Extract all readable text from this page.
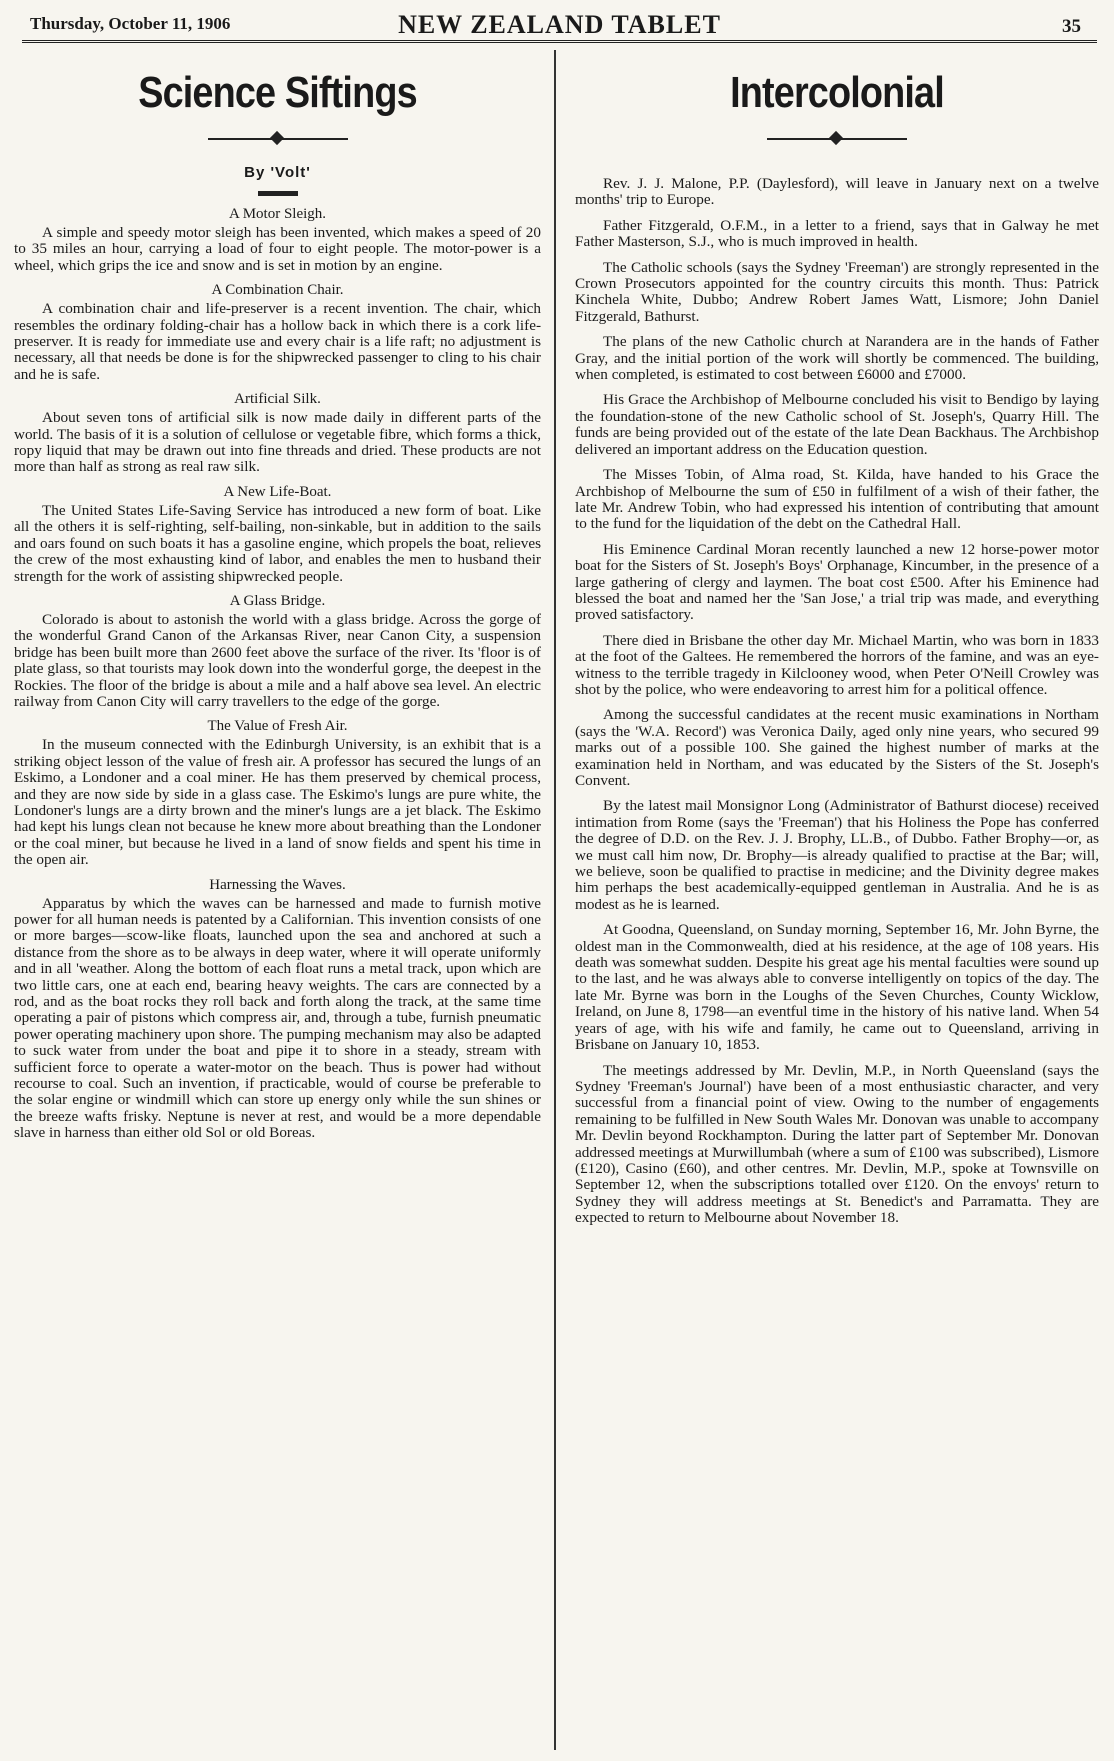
Thursday, October 11, 1906	NEW ZEALAND TABLET	35
Science Siftings
By 'Volt'
A Motor Sleigh.

A simple and speedy motor sleigh has been invented, which makes a speed of 20 to 35 miles an hour, carrying a load of four to eight people. The motor-power is a wheel, which grips the ice and snow and is set in motion by an engine.

A Combination Chair.

A combination chair and life-preserver is a recent invention. The chair, which resembles the ordinary folding-chair has a hollow back in which there is a cork life-preserver. It is ready for immediate use and every chair is a life raft; no adjustment is necessary, all that needs be done is for the shipwrecked passenger to cling to his chair and he is safe.

Artificial Silk.

About seven tons of artificial silk is now made daily in different parts of the world. The basis of it is a solution of cellulose or vegetable fibre, which forms a thick, ropy liquid that may be drawn out into fine threads and dried. These products are not more than half as strong as real raw silk.

A New Life-Boat.

The United States Life-Saving Service has introduced a new form of boat. Like all the others it is self-righting, self-bailing, non-sinkable, but in addition to the sails and oars found on such boats it has a gasoline engine, which propels the boat, relieves the crew of the most exhausting kind of labor, and enables the men to husband their strength for the work of assisting shipwrecked people.

A Glass Bridge.

Colorado is about to astonish the world with a glass bridge. Across the gorge of the wonderful Grand Canon of the Arkansas River, near Canon City, a suspension bridge has been built more than 2600 feet above the surface of the river. Its 'floor is of plate glass, so that tourists may look down into the wonderful gorge, the deepest in the Rockies. The floor of the bridge is about a mile and a half above sea level. An electric railway from Canon City will carry travellers to the edge of the gorge.

The Value of Fresh Air.

In the museum connected with the Edinburgh University, is an exhibit that is a striking object lesson of the value of fresh air. A professor has secured the lungs of an Eskimo, a Londoner and a coal miner. He has them preserved by chemical process, and they are now side by side in a glass case. The Eskimo's lungs are pure white, the Londoner's lungs are a dirty brown and the miner's lungs are a jet black. The Eskimo had kept his lungs clean not because he knew more about breathing than the Londoner or the coal miner, but because he lived in a land of snow fields and spent his time in the open air.

Harnessing the Waves.

Apparatus by which the waves can be harnessed and made to furnish motive power for all human needs is patented by a Californian. This invention consists of one or more barges—scow-like floats, launched upon the sea and anchored at such a distance from the shore as to be always in deep water, where it will operate uniformly and in all 'weather. Along the bottom of each float runs a metal track, upon which are two little cars, one at each end, bearing heavy weights. The cars are connected by a rod, and as the boat rocks they roll back and forth along the track, at the same time operating a pair of pistons which compress air, and, through a tube, furnish pneumatic power operating machinery upon shore. The pumping mechanism may also be adapted to suck water from under the boat and pipe it to shore in a steady, stream with sufficient force to operate a water-motor on the beach. Thus is power had without recourse to coal. Such an invention, if practicable, would of course be preferable to the solar engine or windmill which can store up energy only while the sun shines or the breeze wafts frisky. Neptune is never at rest, and would be a more dependable slave in harness than either old Sol or old Boreas.

Intercolonial

Rev. J. J. Malone, P.P. (Daylesford), will leave in January next on a twelve months' trip to Europe.

Father Fitzgerald, O.F.M., in a letter to a friend, says that in Galway he met Father Masterson, S.J., who is much improved in health.

The Catholic schools (says the Sydney 'Freeman') are strongly represented in the Crown Prosecutors appointed for the country circuits this month. Thus: Patrick Kinchela White, Dubbo; Andrew Robert James Watt, Lismore; John Daniel Fitzgerald, Bathurst.

The plans of the new Catholic church at Narandera are in the hands of Father Gray, and the initial portion of the work will shortly be commenced. The building, when completed, is estimated to cost between £6000 and £7000.

His Grace the Archbishop of Melbourne concluded his visit to Bendigo by laying the foundation-stone of the new Catholic school of St. Joseph's, Quarry Hill. The funds are being provided out of the estate of the late Dean Backhaus. The Archbishop delivered an important address on the Education question.

The Misses Tobin, of Alma road, St. Kilda, have handed to his Grace the Archbishop of Melbourne the sum of £50 in fulfilment of a wish of their father, the late Mr. Andrew Tobin, who had expressed his intention of contributing that amount to the fund for the liquidation of the debt on the Cathedral Hall.

His Eminence Cardinal Moran recently launched a new 12 horse-power motor boat for the Sisters of St. Joseph's Boys' Orphanage, Kincumber, in the presence of a large gathering of clergy and laymen. The boat cost £500. After his Eminence had blessed the boat and named her the 'San Jose,' a trial trip was made, and everything proved satisfactory.

There died in Brisbane the other day Mr. Michael Martin, who was born in 1833 at the foot of the Galtees. He remembered the horrors of the famine, and was an eye-witness to the terrible tragedy in Kilclooney wood, when Peter O'Neill Crowley was shot by the police, who were endeavoring to arrest him for a political offence.

Among the successful candidates at the recent music examinations in Northam (says the 'W.A. Record') was Veronica Daily, aged only nine years, who secured 99 marks out of a possible 100. She gained the highest number of marks at the examination held in Northam, and was educated by the Sisters of the St. Joseph's Convent.

By the latest mail Monsignor Long (Administrator of Bathurst diocese) received intimation from Rome (says the 'Freeman') that his Holiness the Pope has conferred the degree of D.D. on the Rev. J. J. Brophy, LL.B., of Dubbo. Father Brophy—or, as we must call him now, Dr. Brophy—is already qualified to practise at the Bar; will, we believe, soon be qualified to practise in medicine; and the Divinity degree makes him perhaps the best academically-equipped gentleman in Australia. And he is as modest as he is learned.

At Goodna, Queensland, on Sunday morning, September 16, Mr. John Byrne, the oldest man in the Commonwealth, died at his residence, at the age of 108 years. His death was somewhat sudden. Despite his great age his mental faculties were sound up to the last, and he was always able to converse intelligently on topics of the day. The late Mr. Byrne was born in the Loughs of the Seven Churches, County Wicklow, Ireland, on June 8, 1798—an eventful time in the history of his native land. When 54 years of age, with his wife and family, he came out to Queensland, arriving in Brisbane on January 10, 1853.

The meetings addressed by Mr. Devlin, M.P., in North Queensland (says the Sydney 'Freeman's Journal') have been of a most enthusiastic character, and very successful from a financial point of view. Owing to the number of engagements remaining to be fulfilled in New South Wales Mr. Donovan was unable to accompany Mr. Devlin beyond Rockhampton. During the latter part of September Mr. Donovan addressed meetings at Murwillumbah (where a sum of £100 was subscribed), Lismore (£120), Casino (£60), and other centres. Mr. Devlin, M.P., spoke at Townsville on September 12, when the subscriptions totalled over £120. On the envoys' return to Sydney they will address meetings at St. Benedict's and Parramatta. They are expected to return to Melbourne about November 18.
